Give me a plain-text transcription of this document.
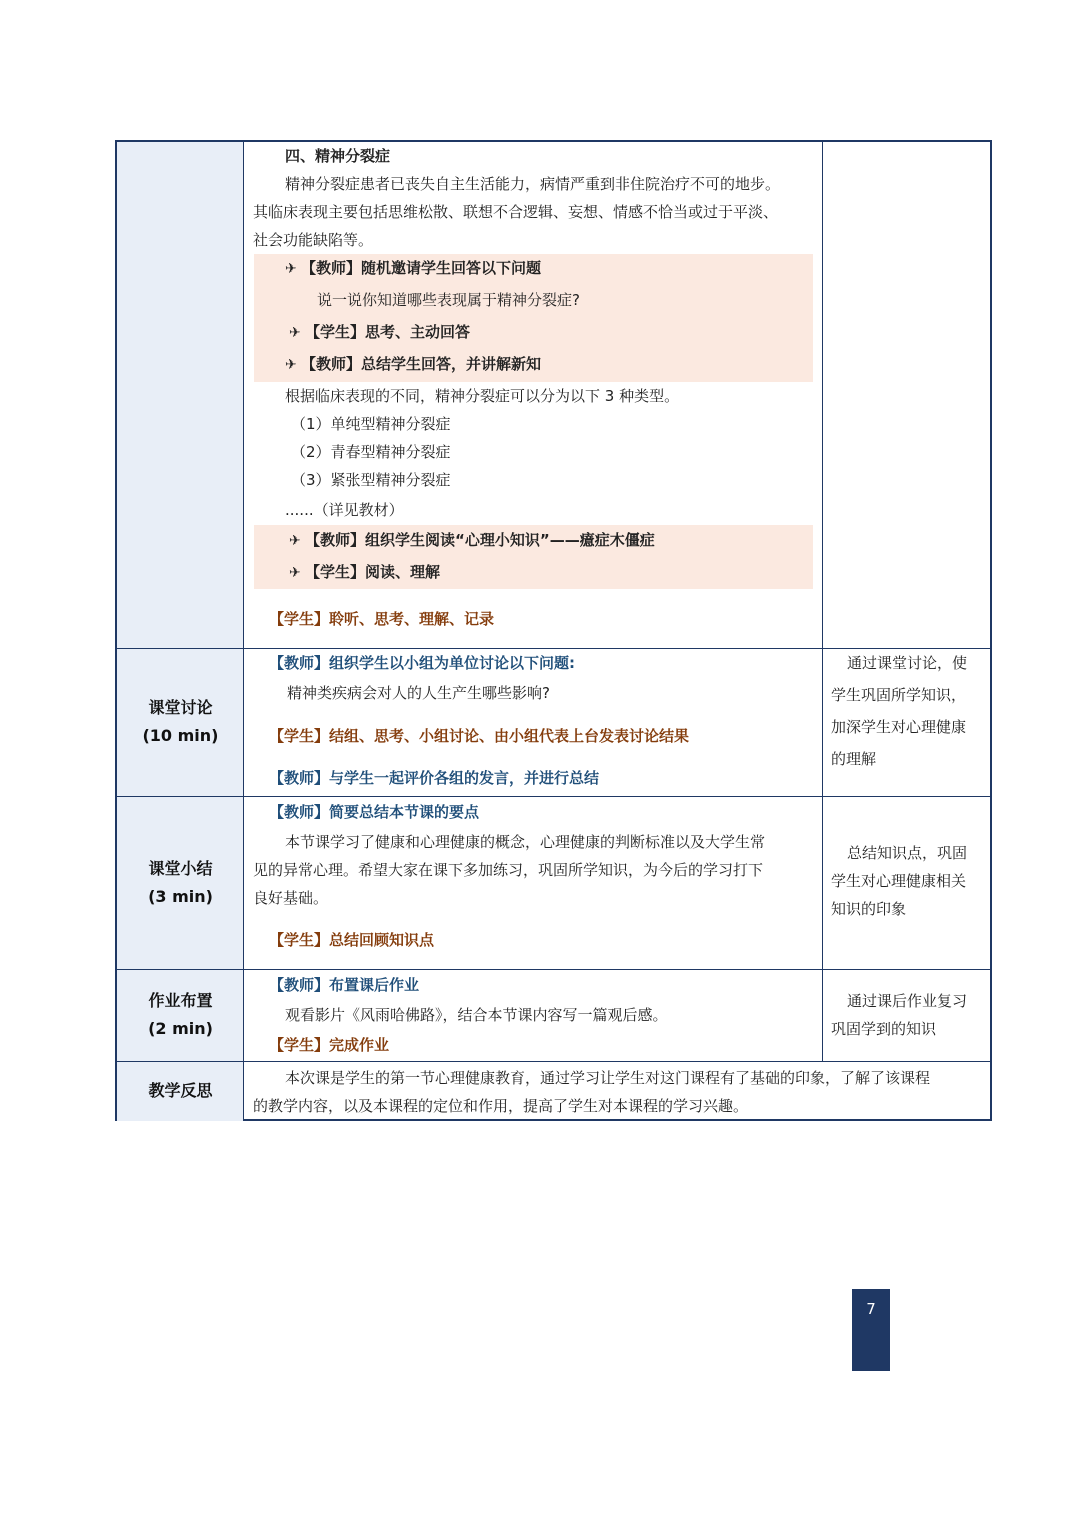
课堂讨论
(10 min)
课堂小结
(3 min)
作业布置
(2 min)
教学反思
四、精神分裂症
精神分裂症患者已丧失自主生活能力，病情严重到非住院治疗不可的地步。
其临床表现主要包括思维松散、联想不合逻辑、妄想、情感不恰当或过于平淡、
社会功能缺陷等。
✈ 【教师】随机邀请学生回答以下问题
说一说你知道哪些表现属于精神分裂症?
✈ 【学生】思考、主动回答
✈ 【教师】总结学生回答，并讲解新知
根据临床表现的不同，精神分裂症可以分为以下 3 种类型。
（1）单纯型精神分裂症
（2）青春型精神分裂症
（3）紧张型精神分裂症
......（详见教材）
✈ 【教师】组织学生阅读“心理小知识”——癔症木僵症
✈ 【学生】阅读、理解
【学生】聆听、思考、理解、记录
【教师】组织学生以小组为单位讨论以下问题:
精神类疾病会对人的人生产生哪些影响?
【学生】结组、思考、小组讨论、由小组代表上台发表讨论结果
【教师】与学生一起评价各组的发言，并进行总结
通过课堂讨论，使
学生巩固所学知识，
加深学生对心理健康
的理解
【教师】简要总结本节课的要点
本节课学习了健康和心理健康的概念，心理健康的判断标准以及大学生常
见的异常心理。希望大家在课下多加练习，巩固所学知识，为今后的学习打下
良好基础。
【学生】总结回顾知识点
总结知识点，巩固
学生对心理健康相关
知识的印象
【教师】布置课后作业
观看影片《风雨哈佛路》，结合本节课内容写一篇观后感。
【学生】完成作业
通过课后作业复习
巩固学到的知识
本次课是学生的第一节心理健康教育，通过学习让学生对这门课程有了基础的印象，了解了该课程
的教学内容，以及本课程的定位和作用，提高了学生对本课程的学习兴趣。
7
